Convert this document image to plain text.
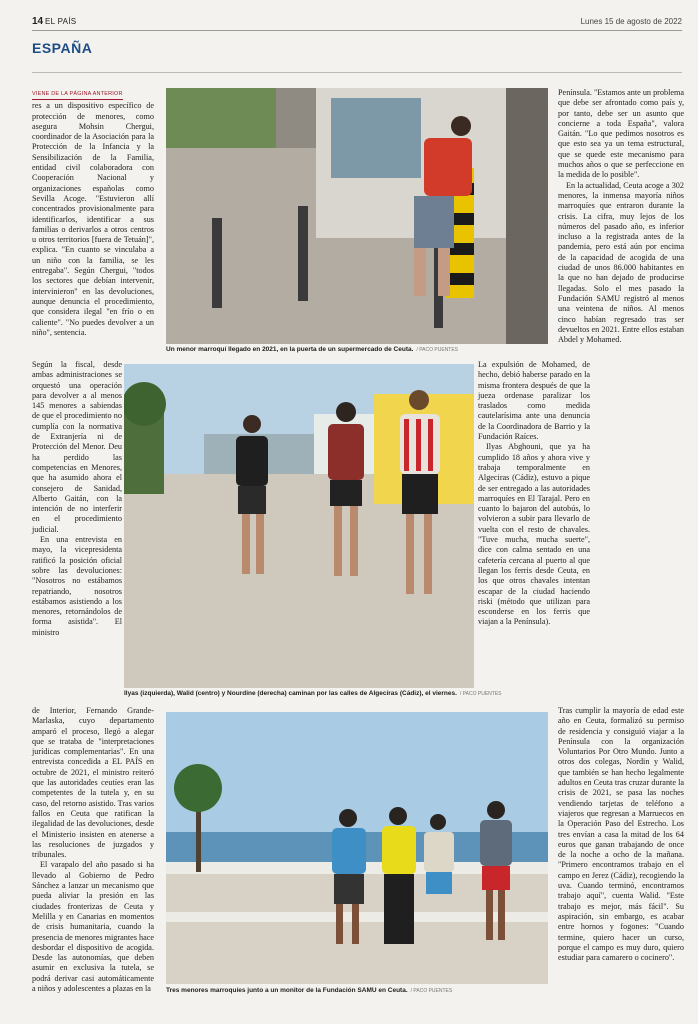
14 EL PAÍS	Lunes 15 de agosto de 2022
ESPAÑA
VIENE DE LA PÁGINA ANTERIOR

res a un dispositivo específico de protección de menores, como asegura Mohsin Chergui, coordinador de la Asociación para la Protección de la Infancia y la Sensibilización de la Familia, entidad civil colaboradora con Cooperación Nacional y organizaciones españolas como Sevilla Acoge. "Estuvieron allí concentrados provisionalmente para identificarlos, identificar a sus familias o derivarlos a otros centros u otros territorios [fuera de Tetuán]", explica. "En cuanto se vinculaba a un niño con la familia, se les entregaba". Según Chergui, "todos los sectores que debían intervenir, intervinieron" en las devoluciones, aunque denuncia el procedimiento, que considera ilegal "en frío o en caliente". "No puedes devolver a un niño", sentencia.

Un menor marroquí llegado en 2021, en la puerta de un supermercado de Ceuta. / PACO PUENTES

Península. "Estamos ante un problema que debe ser afrontado como país y, por tanto, debe ser un asunto que concierne a toda España", valora Gaitán. "Lo que pedimos nosotros es que esto sea ya un tema estructural, que se quede este mecanismo para muchos años o que se perfeccione en la medida de lo posible".

En la actualidad, Ceuta acoge a 302 menores, la inmensa mayoría niños marroquíes que entraron durante la crisis. La cifra, muy lejos de los números del pasado año, es inferior incluso a la registrada antes de la pandemia, pero está aún por encima de la capacidad de acogida de una ciudad de unos 86.000 habitantes en la que no han dejado de producirse llegadas. Solo el mes pasado la Fundación SAMU registró al menos una veintena de niños. Al menos cinco habían regresado tras ser devueltos en 2021. Entre ellos estaban Abdel y Mohamed.

Según la fiscal, desde ambas administraciones se orquestó una operación para devolver a al menos 145 menores a sabiendas de que el procedimiento no cumplía con la normativa de Extranjería ni de Protección del Menor. Deu ha perdido las competencias en Menores, que ha asumido ahora el consejero de Sanidad, Alberto Gaitán, con la intención de no interferir en el procedimiento judicial.

En una entrevista en mayo, la vicepresidenta ratificó la posición oficial sobre las devoluciones: "Nosotros no estábamos repatriando, nosotros estábamos asistiendo a los menores, retornándolos de forma asistida". El ministro

Ilyas (izquierda), Walid (centro) y Nourdine (derecha) caminan por las calles de Algeciras (Cádiz), el viernes. / PACO PUENTES

La expulsión de Mohamed, de hecho, debió haberse parado en la misma frontera después de que la jueza ordenase paralizar los traslados como medida cautelarísima ante una denuncia de la Coordinadora de Barrio y la Fundación Raíces.

Ilyas Abghouni, que ya ha cumplido 18 años y ahora vive y trabaja temporalmente en Algeciras (Cádiz), estuvo a pique de ser entregado a las autoridades marroquíes en El Tarajal. Pero en cuanto lo bajaron del autobús, lo volvieron a subir para llevarlo de vuelta con el resto de chavales. "Tuve mucha, mucha suerte", dice con calma sentado en una cafetería cercana al puerto al que llegan los ferris desde Ceuta, en los que otros chavales intentan escapar de la ciudad haciendo riski (método que utilizan para esconderse en los ferris que viajan a la Península).

de Interior, Fernando Grande-Marlaska, cuyo departamento amparó el proceso, llegó a alegar que se trataba de "interpretaciones jurídicas complementarias". En una entrevista concedida a EL PAÍS en octubre de 2021, el ministro reiteró que las autoridades ceutíes eran las competentes de la tutela y, en su caso, del retorno asistido. Tras varios fallos en Ceuta que ratifican la ilegalidad de las devoluciones, desde el Ministerio insisten en atenerse a las resoluciones de juzgados y tribunales.

El varapalo del año pasado si ha llevado al Gobierno de Pedro Sánchez a lanzar un mecanismo que pueda aliviar la presión en las ciudades fronterizas de Ceuta y Melilla y en Canarias en momentos de crisis humanitaria, cuando la presencia de menores migrantes hace desbordar el dispositivo de acogida. Desde las autonomías, que deben asumir en exclusiva la tutela, se podrá derivar casi automáticamente a niños y adolescentes a plazas en la	Tres menores marroquíes junto a un monitor de la Fundación SAMU en Ceuta. / PACO PUENTES

Tras cumplir la mayoría de edad este año en Ceuta, formalizó su permiso de residencia y consiguió viajar a la Península con la organización Voluntarios Por Otro Mundo. Junto a otros dos colegas, Nordin y Walid, que también se han hecho legalmente adultos en Ceuta tras cruzar durante la crisis de 2021, se pasa las noches vendiendo tarjetas de teléfono a viajeros que regresan a Marruecos en la Operación Paso del Estrecho. Los tres envían a casa la mitad de los 64 euros que ganan trabajando de once de la noche a ocho de la mañana. "Primero encontramos trabajo en el campo en Jerez (Cádiz), recogiendo la uva. Cuando terminó, encontramos trabajo aquí", cuenta Walid. "Este trabajo es mejor, más fácil". Su aspiración, sin embargo, es acabar entre hornos y fogones: "Cuando termine, quiero hacer un curso, porque el campo es muy duro, quiero estudiar para camarero o cocinero".
